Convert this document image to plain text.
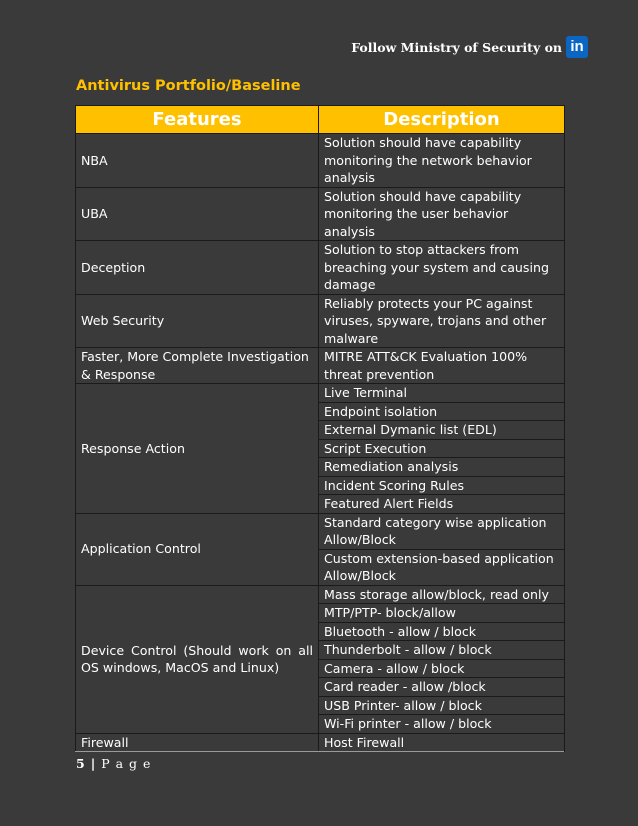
Follow Ministry of Security on in
Antivirus Portfolio/Baseline
Features	Description
NBA	Solution should have capability monitoring the network behavior analysis
UBA	Solution should have capability monitoring the user behavior analysis
Deception	Solution to stop attackers from breaching your system and causing damage
Web Security	Reliably protects your PC against viruses, spyware, trojans and other malware
Faster, More Complete Investigation & Response	MITRE ATT&CK Evaluation 100% threat prevention
Response Action	Live Terminal
	Endpoint isolation
	External Dymanic list (EDL)
	Script Execution
	Remediation analysis
	Incident Scoring Rules
	Featured Alert Fields
Application Control	Standard category wise application Allow/Block
	Custom extension-based application Allow/Block
Device Control (Should work on all OS windows, MacOS and Linux)	Mass storage allow/block, read only
	MTP/PTP- block/allow
	Bluetooth - allow / block
	Thunderbolt - allow / block
	Camera - allow / block
	Card reader - allow /block
	USB Printer- allow / block
	Wi-Fi printer - allow / block
Firewall	Host Firewall
5 | P a g e
